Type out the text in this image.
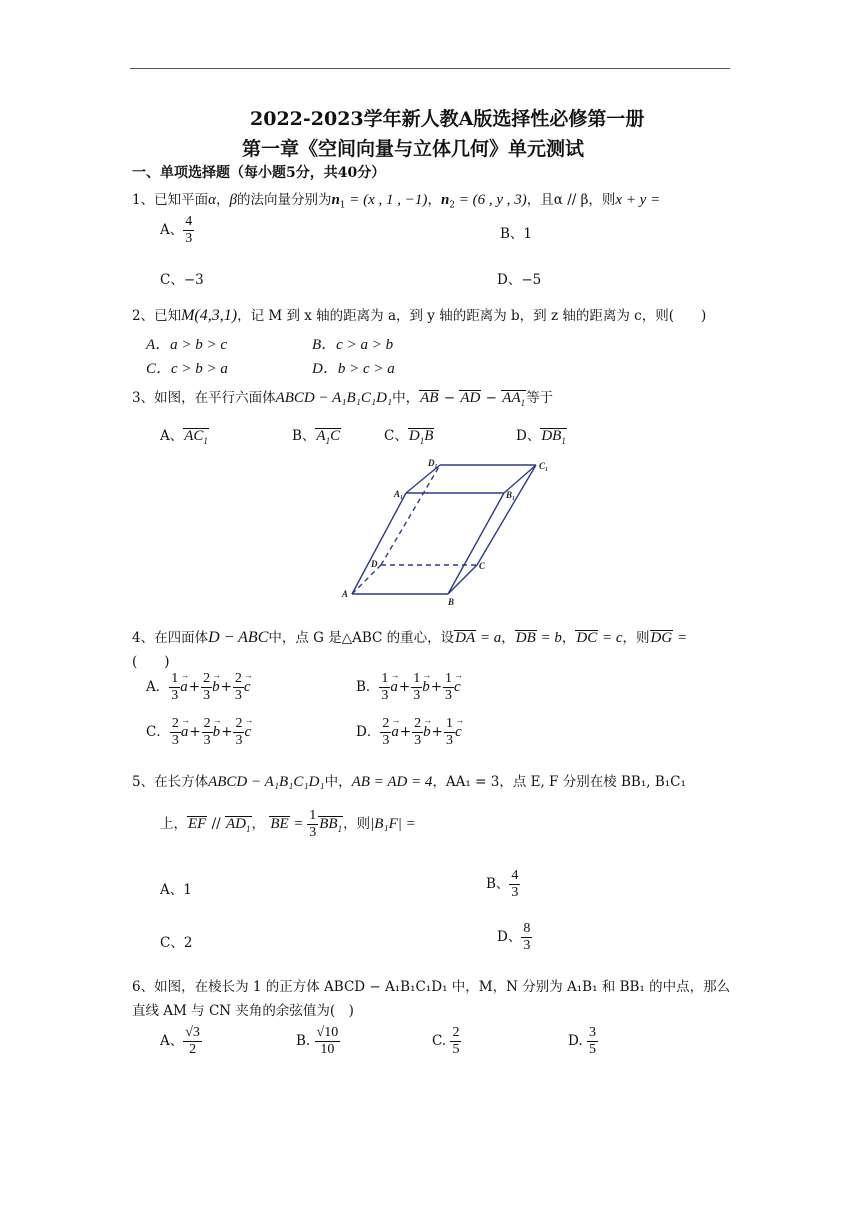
2022-2023学年新人教A版选择性必修第一册
第一章《空间向量与立体几何》单元测试
一、单项选择题（每小题5分，共40分）
1、已知平面α，β的法向量分别为$n_1 = (x$ , 1 , −1)，$n_2 = (6$ , y , 3)，且α // β，则x + y =
A、 $\frac{4}{3}$	B、1
C、−3	D、−5
2、已知M(4,3,1)，记 M 到 x 轴的距离为 a，到 y 轴的距离为 b，到 z 轴的距离为 c，则(　　)
A．a > b > c	B．c > a > b
C．c > b > a	D．b > c > a
3、如图，在平行六面体ABCD − A₁B₁C₁D₁中，AB − AD − $AA_1$等于
A、$AC_1$	B、$A_1C$	C、$D_1B$	D、$DB_1$
D₁	C₁
A₁	B₁
D	C
A
B
4、在四面体D − ABC中，点 G 是△ABC 的重心，设DA = a，DB = b，DC = c，则DG =
(　　)
A． $\frac{1}{3}$ a
→
+ $\frac{2}{3}$ b
→
+ $\frac{2}{3}$ c
→
B． $\frac{1}{3}$ a
→
+ $\frac{1}{3}$ b
→
+ $\frac{1}{3}$ c
→
C． $\frac{2}{3}$ a
→
+ $\frac{2}{3}$ b
→
+ $\frac{2}{3}$ c
→
D． $\frac{2}{3}$ a
→
+ $\frac{2}{3}$ b
→
+ $\frac{1}{3}$ c
→
5、在长方体ABCD − A₁B₁C₁D₁中，AB = AD = 4，AA₁ = 3，点 E, F 分别在棱 BB₁, B₁C₁
上，EF // $AD_1$， BE = $\frac{1}{3} BB_1$，则|B₁F| =
A、1	B、 $\frac{4}{3}$
C、2	D、 $\frac{8}{3}$
6、如图，在棱长为 1 的正方体 ABCD − A₁B₁C₁D₁ 中，M，N 分别为 A₁B₁ 和 BB₁ 的中点，那么
直线 AM 与 CN 夹角的余弦值为(　)
A、 $\frac{√3}{2}$	B. $\frac{√10}{10}$	C. $\frac{2}{5}$	D. $\frac{3}{5}$
